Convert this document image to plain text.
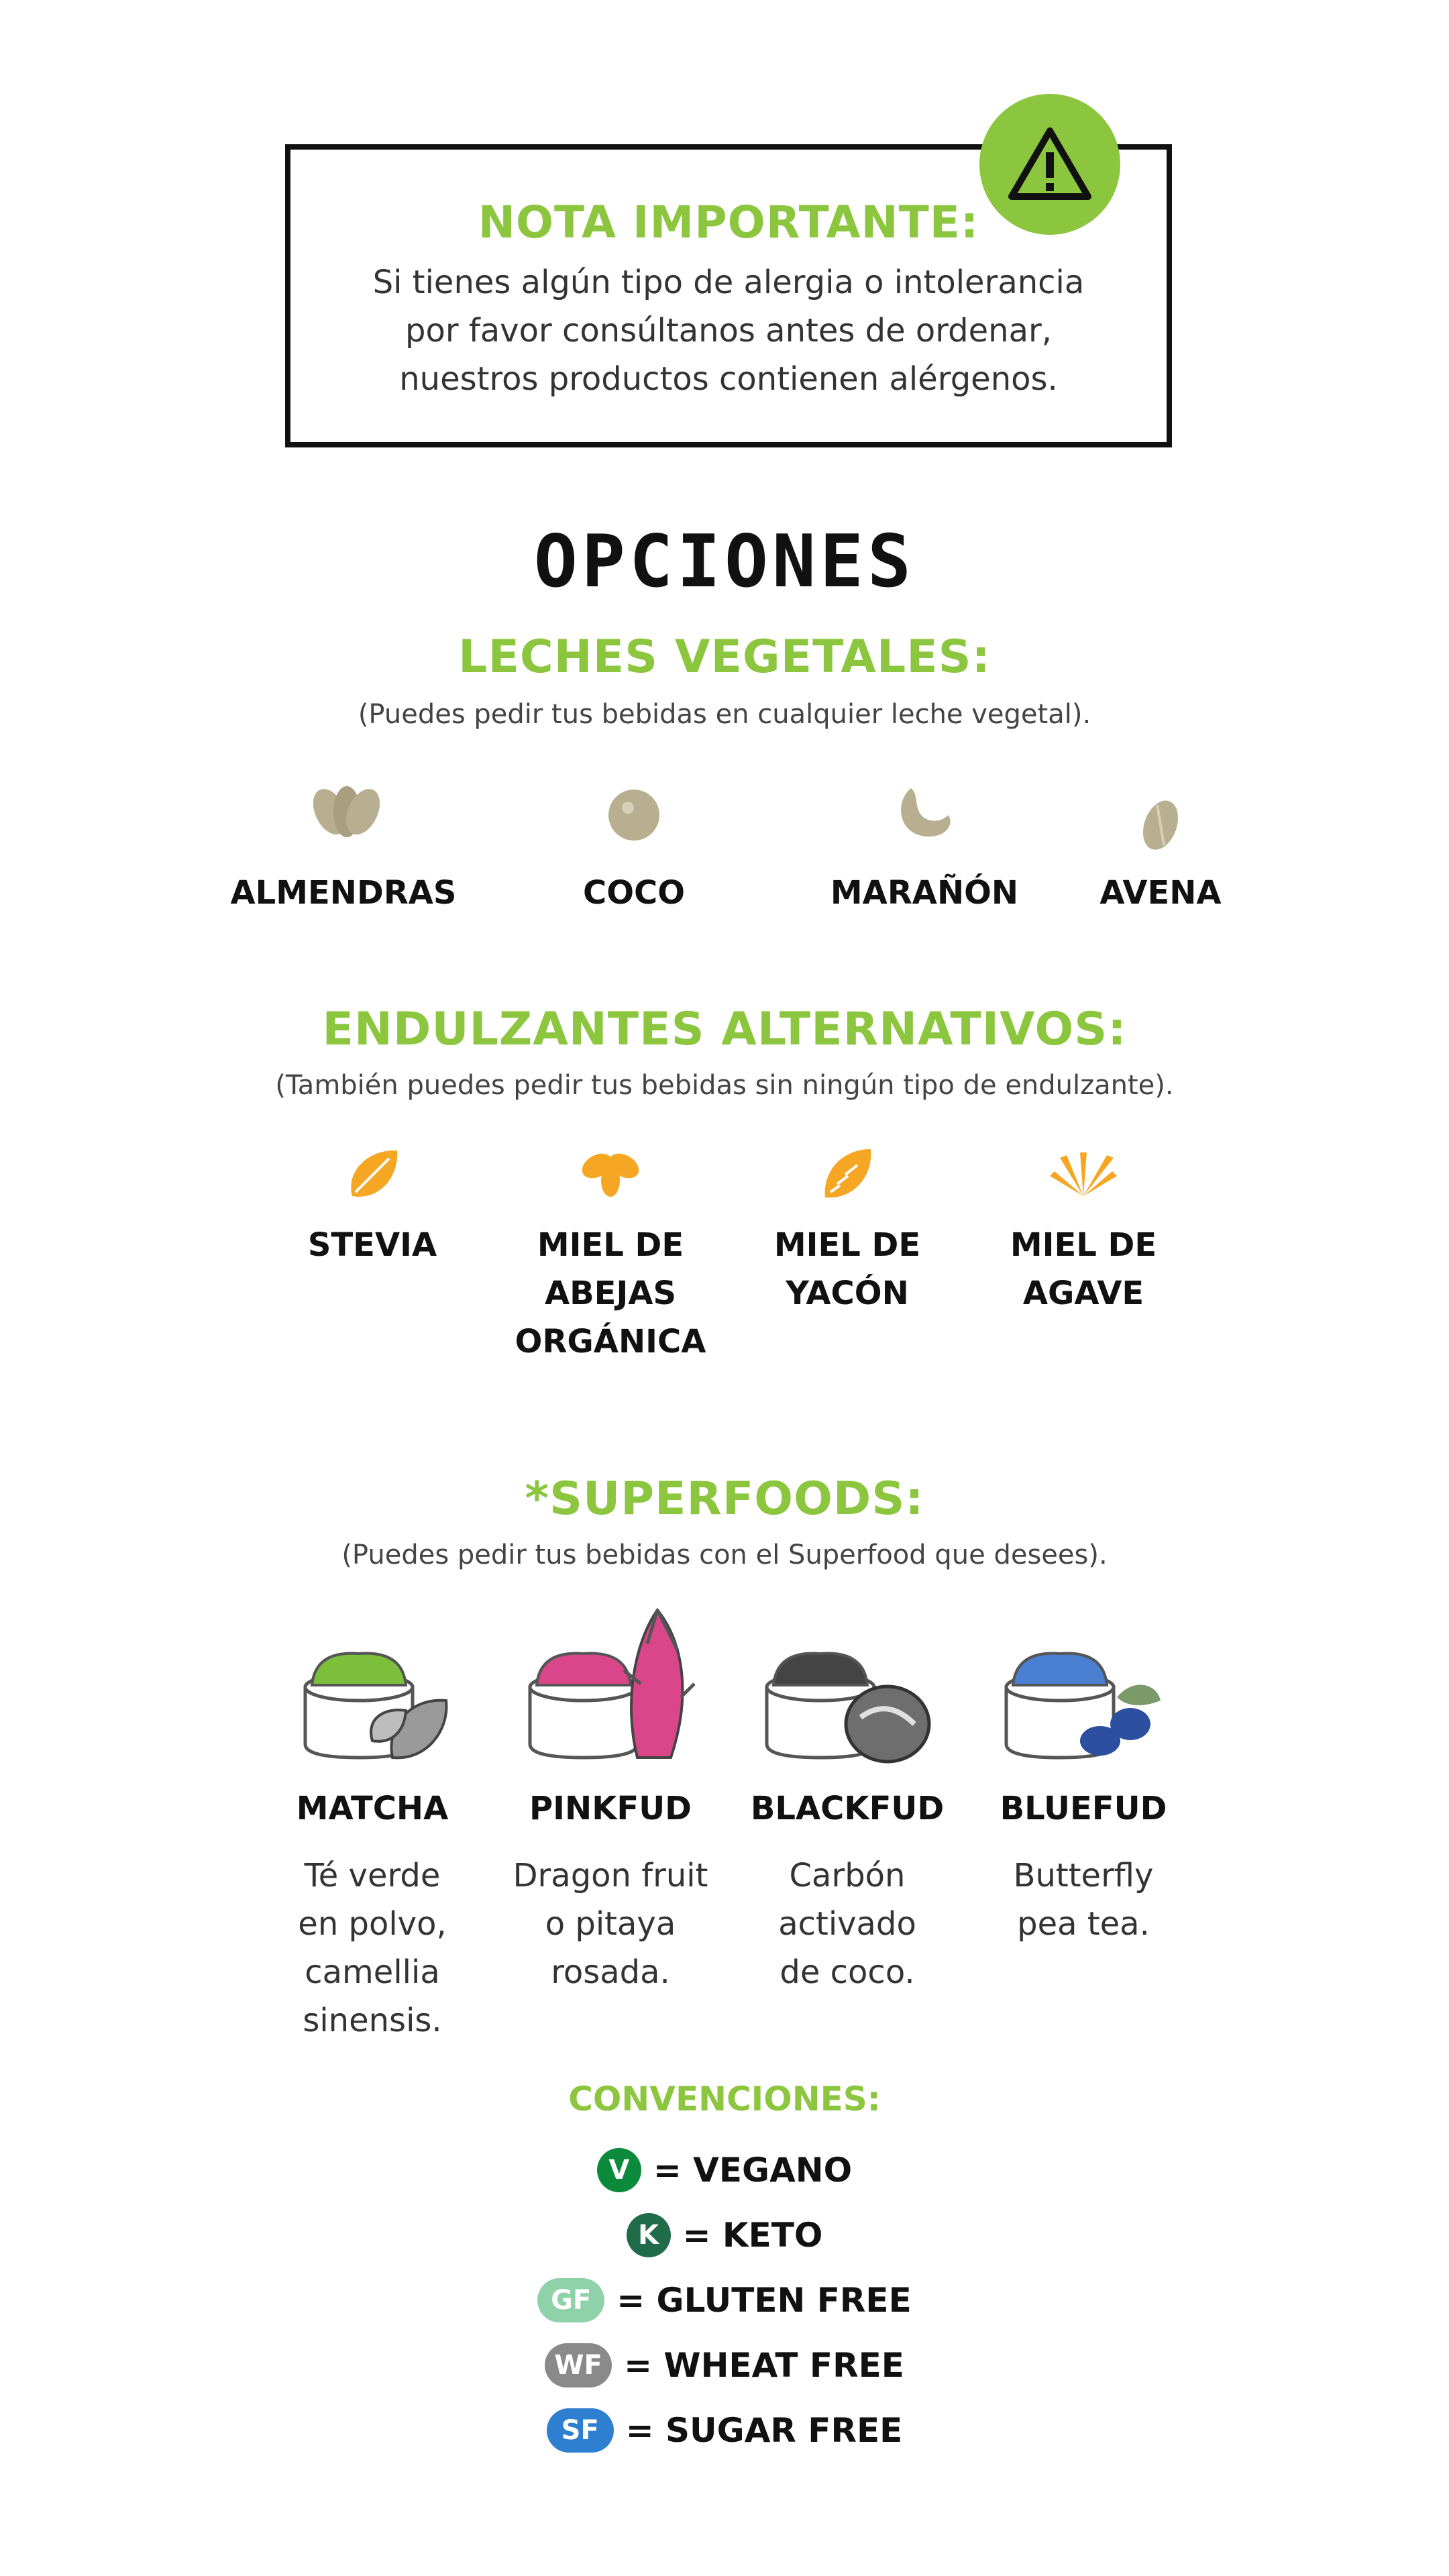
NOTA IMPORTANTE:
Si tienes algún tipo de alergia o intolerancia
por favor consúltanos antes de ordenar,
nuestros productos contienen alérgenos.
OPCIONES
LECHES VEGETALES:
(Puedes pedir tus bebidas en cualquier leche vegetal).
ALMENDRAS	COCO	MARAÑÓN	AVENA
ENDULZANTES ALTERNATIVOS:
(También puedes pedir tus bebidas sin ningún tipo de endulzante).
STEVIA	MIEL DE
ABEJAS
ORGÁNICA
MIEL DE
YACÓN
MIEL DE
AGAVE
*SUPERFOODS:
(Puedes pedir tus bebidas con el Superfood que desees).
MATCHA	PINKFUD BLACKFUD BLUEFUD
Té verde
en polvo,
camellia
sinensis.
Dragon fruit
o pitaya
rosada.
Carbón
activado
de coco.
Butterfly
pea tea.
CONVENCIONES:
V = VEGANO
K = KETO
GF = GLUTEN FREE
WF = WHEAT FREE
SF = SUGAR FREE
